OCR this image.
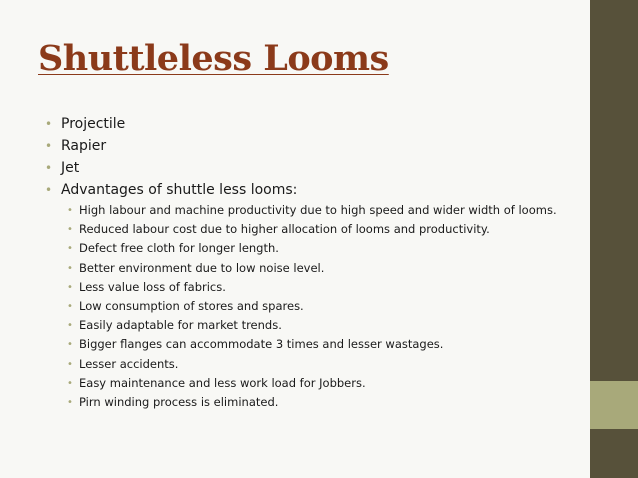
Shuttleless Looms
• Projectile
• Rapier
• Jet
• Advantages of shuttle less looms:
• High labour and machine productivity due to high speed and wider width of looms.
• Reduced labour cost due to higher allocation of looms and productivity.
• Defect free cloth for longer length.
• Better environment due to low noise level.
• Less value loss of fabrics.
• Low consumption of stores and spares.
• Easily adaptable for market trends.
• Bigger flanges can accommodate 3 times and lesser wastages.
• Lesser accidents.
• Easy maintenance and less work load for Jobbers.
• Pirn winding process is eliminated.
